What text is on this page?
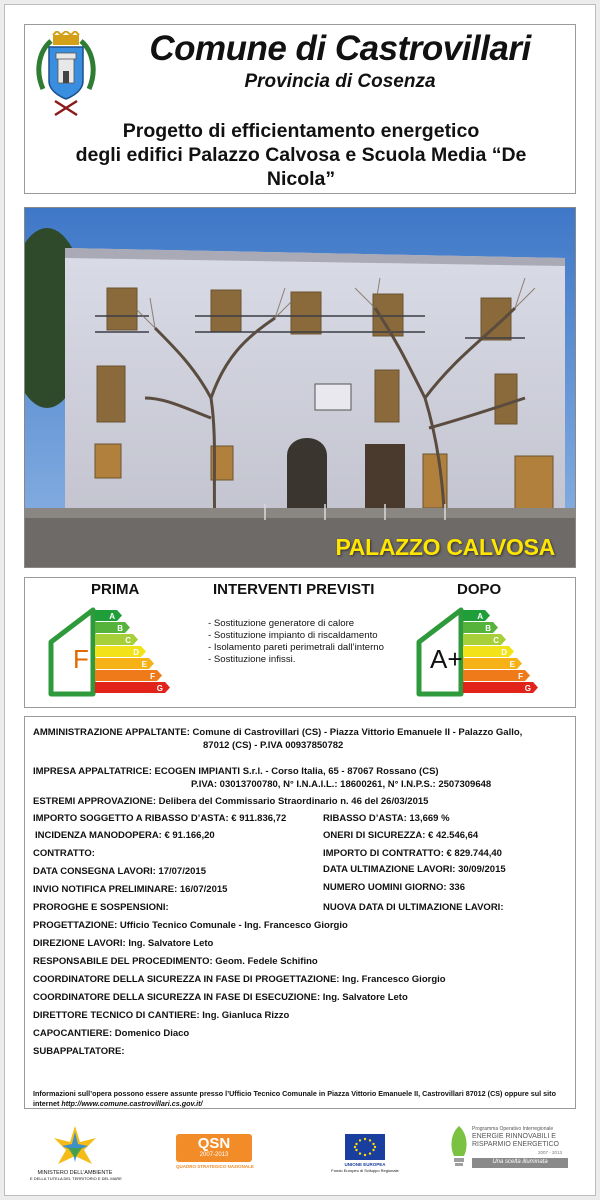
Comune di Castrovillari
Provincia di Cosenza
Progetto di efficientamento energetico
degli edifici Palazzo Calvosa e Scuola Media “De
Nicola”
PALAZZO CALVOSA
PRIMA	INTERVENTI PREVISTI	DOPO
A
B
C
D
E
F
G
F
- Sostituzione generatore di calore
- Sostituzione impianto di riscaldamento
- Isolamento pareti perimetrali dall’interno
- Sostituzione infissi.
A
B
C
D
E
F
G
A+
AMMINISTRAZIONE APPALTANTE: Comune di Castrovillari (CS) - Piazza Vittorio Emanuele II - Palazzo Gallo,
87012 (CS) - P.IVA 00937850782
IMPRESA APPALTATRICE: ECOGEN IMPIANTI S.r.l. - Corso Italia, 65 - 87067 Rossano (CS)
P.IVA: 03013700780, N° I.N.A.I.L.: 18600261, N° I.N.P.S.: 2507309648
ESTREMI APPROVAZIONE: Delibera del Commissario Straordinario n. 46 del 26/03/2015
IMPORTO SOGGETTO A RIBASSO D’ASTA: € 911.836,72	RIBASSO D’ASTA: 13,669 %
INCIDENZA MANODOPERA: € 91.166,20	ONERI DI SICUREZZA: € 42.546,64
CONTRATTO:	IMPORTO DI CONTRATTO: € 829.744,40
DATA CONSEGNA LAVORI: 17/07/2015	DATA ULTIMAZIONE LAVORI: 30/09/2015
INVIO NOTIFICA PRELIMINARE: 16/07/2015	NUMERO UOMINI GIORNO: 336
PROROGHE E SOSPENSIONI:	NUOVA DATA DI ULTIMAZIONE LAVORI:
PROGETTAZIONE: Ufficio Tecnico Comunale - Ing. Francesco Giorgio
DIREZIONE LAVORI: Ing. Salvatore Leto
RESPONSABILE DEL PROCEDIMENTO: Geom. Fedele Schifino
COORDINATORE DELLA SICUREZZA IN FASE DI PROGETTAZIONE: Ing. Francesco Giorgio
COORDINATORE DELLA SICUREZZA IN FASE DI ESECUZIONE: Ing. Salvatore Leto
DIRETTORE TECNICO DI CANTIERE: Ing. Gianluca Rizzo
CAPOCANTIERE: Domenico Diaco
SUBAPPALTATORE:
Informazioni sull’opera possono essere assunte presso l’Ufficio Tecnico Comunale in Piazza Vittorio Emanuele II, Castrovillari 87012 (CS) oppure sul sito internet http://www.comune.castrovillari.cs.gov.it/
MINISTERO DELL’AMBIENTE
E DELLA TUTELA DEL TERRITORIO E DEL MARE
QSN
2007-2013
QUADRO STRATEGICO NAZIONALE	UNIONE EUROPEA
Fondo Europeo di Sviluppo Regionale
Programma Operativo Interregionale
ENERGIE RINNOVABILI E
RISPARMIO ENERGETICO
2007 - 2013
Una scelta illuminata
